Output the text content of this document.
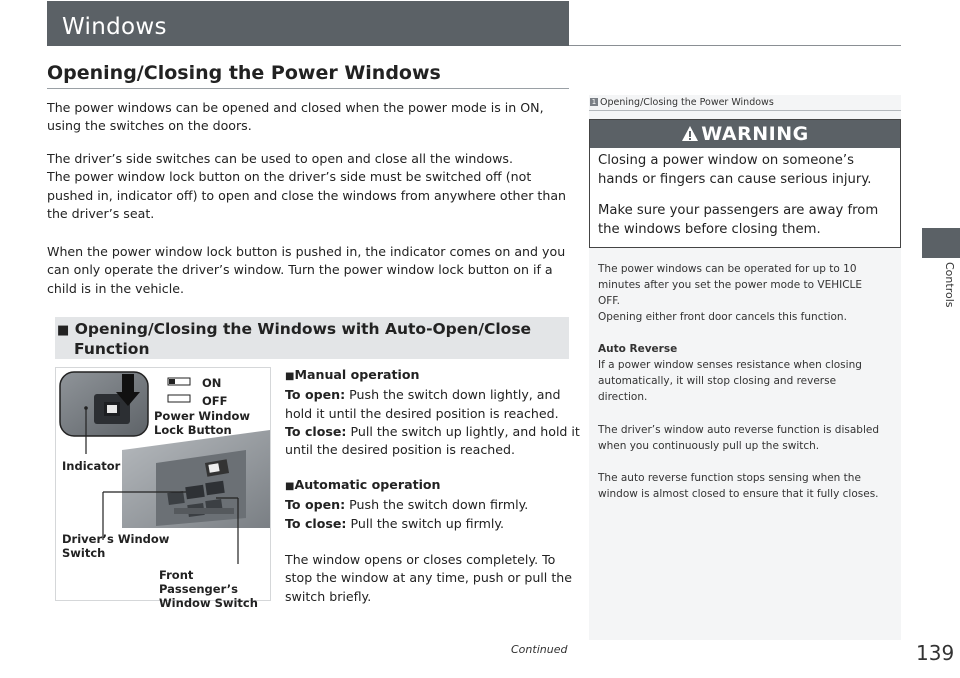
Windows
Opening/Closing the Power Windows
Controls
The power windows can be opened and closed when the power mode is in ON,
using the switches on the doors.
The driver’s side switches can be used to open and close all the windows.
The power window lock button on the driver’s side must be switched off (not
pushed in, indicator off) to open and close the windows from anywhere other than
the driver’s seat.
When the power window lock button is pushed in, the indicator comes on and you
can only operate the driver’s window. Turn the power window lock button on if a
child is in the vehicle.
■ Opening/Closing the Windows with Auto-Open/Close
Function
ON
OFF
Power Window
Lock Button
Indicator
Driver’s Window
Switch
Front Passenger’s
Window Switch
■Manual operation
To open: Push the switch down lightly, and
hold it until the desired position is reached.
To close: Pull the switch up lightly, and hold it
until the desired position is reached.
■Automatic operation
To open: Push the switch down firmly.
To close: Pull the switch up firmly.
The window opens or closes completely. To
stop the window at any time, push or pull the
switch briefly.
1 Opening/Closing the Power Windows
WARNING
Closing a power window on someone’s
hands or fingers can cause serious injury.
Make sure your passengers are away from
the windows before closing them.
The power windows can be operated for up to 10
minutes after you set the power mode to VEHICLE
OFF.
Opening either front door cancels this function.
Auto Reverse
If a power window senses resistance when closing
automatically, it will stop closing and reverse
direction.
The driver’s window auto reverse function is disabled
when you continuously pull up the switch.
The auto reverse function stops sensing when the
window is almost closed to ensure that it fully closes.
Continued	139
